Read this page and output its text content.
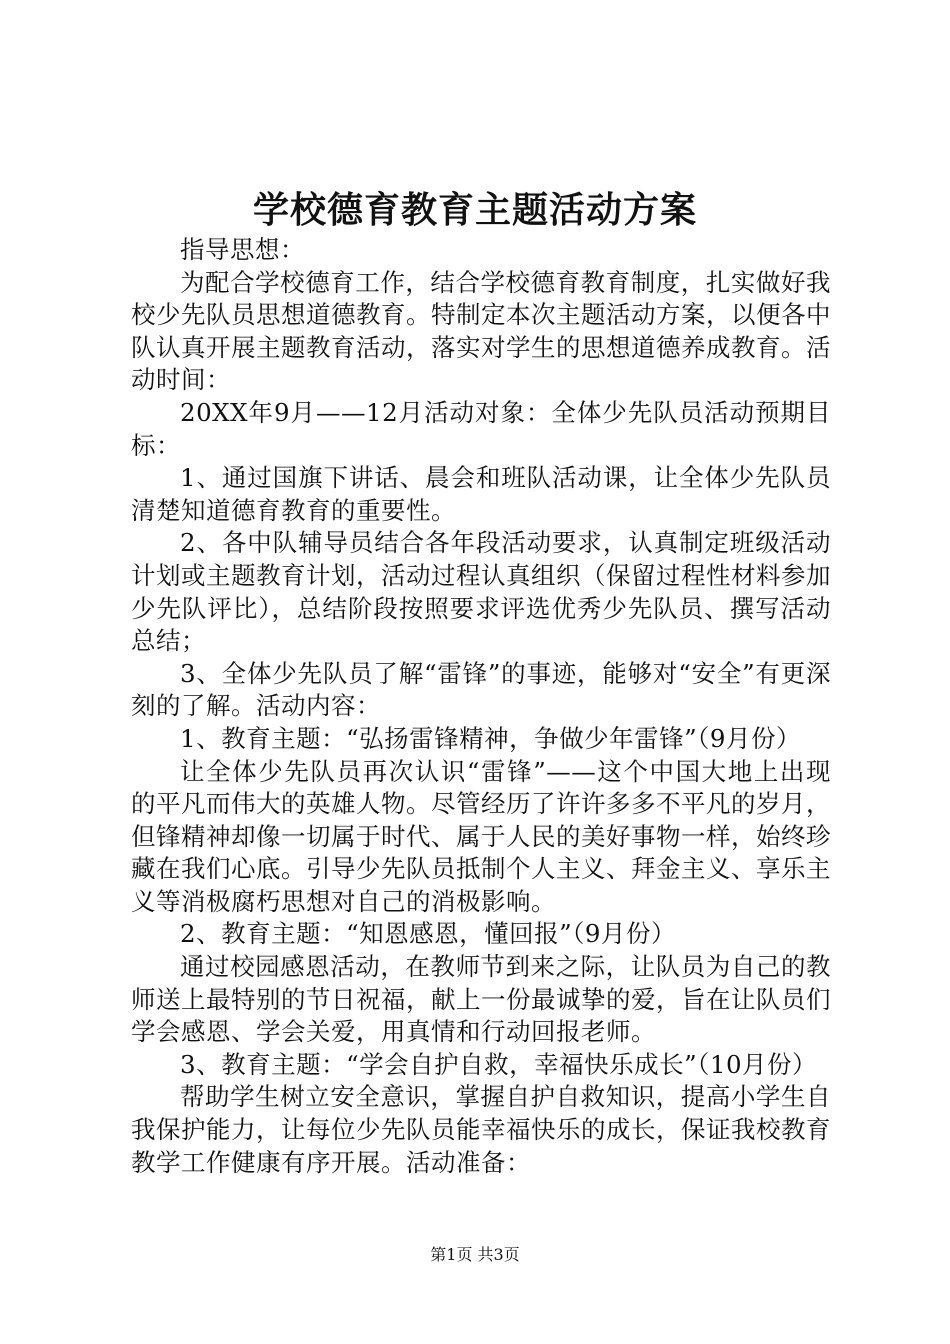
学校德育教育主题活动方案

指导思想：

为配合学校德育工作，结合学校德育教育制度，扎实做好我校少先队员思想道德教育。特制定本次主题活动方案，以便各中队认真开展主题教育活动，落实对学生的思想道德养成教育。活动时间：

20XX年9月——12月活动对象：全体少先队员活动预期目标：

1、通过国旗下讲话、晨会和班队活动课，让全体少先队员清楚知道德育教育的重要性。

2、各中队辅导员结合各年段活动要求，认真制定班级活动计划或主题教育计划，活动过程认真组织（保留过程性材料参加少先队评比），总结阶段按照要求评选优秀少先队员、撰写活动总结；

3、全体少先队员了解“雷锋”的事迹，能够对“安全”有更深刻的了解。活动内容：

1、教育主题：“弘扬雷锋精神，争做少年雷锋”（9月份）

让全体少先队员再次认识“雷锋”——这个中国大地上出现的平凡而伟大的英雄人物。尽管经历了许许多多不平凡的岁月，但锋精神却像一切属于时代、属于人民的美好事物一样，始终珍藏在我们心底。引导少先队员抵制个人主义、拜金主义、享乐主义等消极腐朽思想对自己的消极影响。

2、教育主题：“知恩感恩，懂回报”（9月份）

通过校园感恩活动，在教师节到来之际，让队员为自己的教师送上最特别的节日祝福，献上一份最诚挚的爱，旨在让队员们学会感恩、学会关爱，用真情和行动回报老师。

3、教育主题：“学会自护自救，幸福快乐成长”（10月份）

帮助学生树立安全意识，掌握自护自救知识，提高小学生自我保护能力，让每位少先队员能幸福快乐的成长，保证我校教育教学工作健康有序开展。活动准备：

第1页 共3页
